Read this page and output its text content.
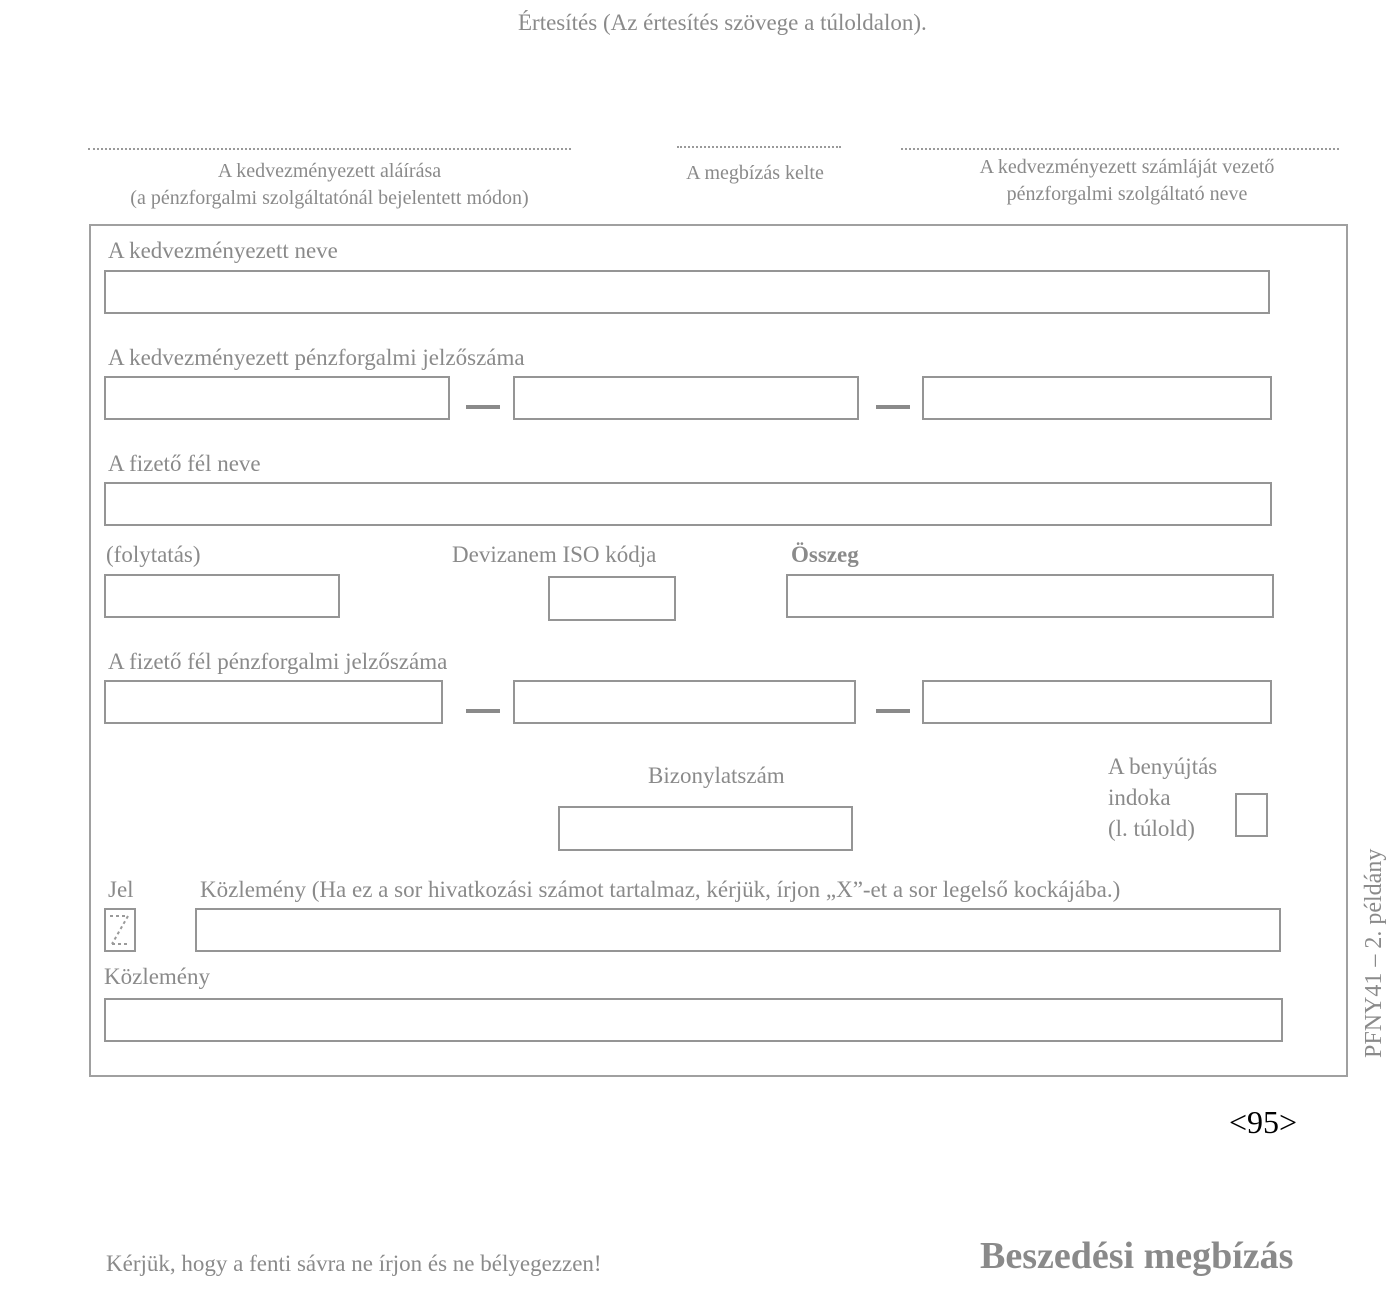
Értesítés (Az értesítés szövege a túloldalon).
A kedvezményezett aláírása
(a pénzforgalmi szolgáltatónál bejelentett módon)
A megbízás kelte	A kedvezményezett számláját vezető
pénzforgalmi szolgáltató neve
A kedvezményezett neve
A kedvezményezett pénzforgalmi jelzőszáma
A fizető fél neve
(folytatás)	Devizanem ISO kódja	Összeg
A fizető fél pénzforgalmi jelzőszáma
Bizonylatszám	A benyújtás
indoka
(l. túlold)
Jel	Közlemény (Ha ez a sor hivatkozási számot tartalmaz, kérjük, írjon „X”-et a sor legelső kockájába.)
Közlemény	PFNY41 – 2. példány
<95>
Kérjük, hogy a fenti sávra ne írjon és ne bélyegezzen!	Beszedési megbízás
